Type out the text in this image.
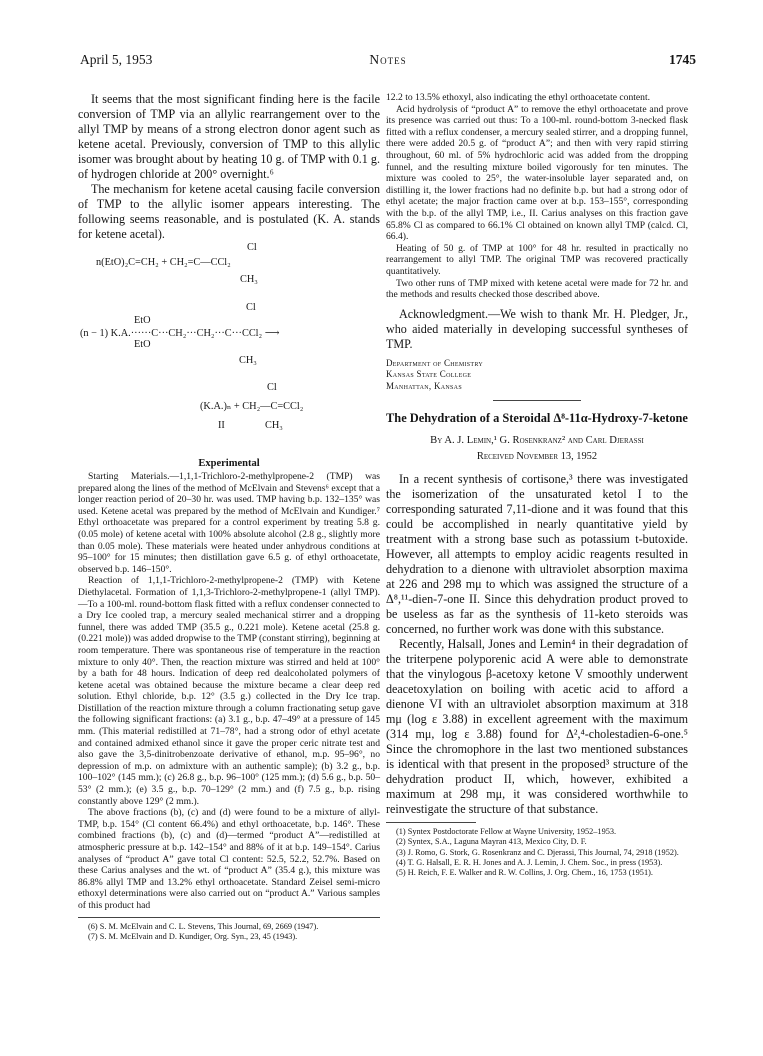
April 5, 1953	Notes	1745

It seems that the most significant finding here is the facile conversion of TMP via an allylic rearrangement over to the allyl TMP by means of a strong electron donor agent such as ketene acetal. Previously, conversion of TMP to this allylic isomer was brought about by heating 10 g. of TMP with 0.1 g. of hydrogen chloride at 200° overnight.⁶

The mechanism for ketene acetal causing facile conversion of TMP to the allylic isomer appears interesting. The following seems reasonable, and is postulated (K. A. stands for ketene acetal).

Cl
n(EtO)₂C=CH₂ + CH₂=C—CCl₂
CH₃
Cl
EtO
(n − 1) K.A.······C···CH₂···CH₂···C···CCl₂ ⟶
EtO
CH₃
Cl
(K.A.)ₙ + CH₂—C=CCl₂
II	CH₃
Experimental

Starting Materials.—1,1,1-Trichloro-2-methylpropene-2 (TMP) was prepared along the lines of the method of McElvain and Stevens⁶ except that a longer reaction period of 20–30 hr. was used. TMP having b.p. 132–135° was used. Ketene acetal was prepared by the method of McElvain and Kundiger.⁷ Ethyl orthoacetate was prepared for a control experiment by treating 5.8 g. (0.05 mole) of ketene acetal with 100% absolute alcohol (2.8 g., slightly more than 0.05 mole). These materials were heated under anhydrous conditions at 95–100° for 15 minutes; then distillation gave 6.5 g. of ethyl orthoacetate, observed b.p. 146–150°.

Reaction of 1,1,1-Trichloro-2-methylpropene-2 (TMP) with Ketene Diethylacetal. Formation of 1,1,3-Trichloro-2-methylpropene-1 (allyl TMP).—To a 100-ml. round-bottom flask fitted with a reflux condenser connected to a Dry Ice cooled trap, a mercury sealed mechanical stirrer and a dropping funnel, there was added TMP (35.5 g., 0.221 mole). Ketene acetal (25.8 g. (0.221 mole)) was added dropwise to the TMP (constant stirring), beginning at room temperature. There was spontaneous rise of temperature in the reaction mixture to only 40°. Then, the reaction mixture was stirred and held at 100° by a bath for 48 hours. Indication of deep red dealcoholated polymers of ketene acetal was obtained because the mixture became a clear deep red solution. Ethyl chloride, b.p. 12° (3.5 g.) collected in the Dry Ice trap. Distillation of the reaction mixture through a column fractionating setup gave the following significant fractions: (a) 3.1 g., b.p. 47–49° at a pressure of 145 mm. (This material redistilled at 71–78°, had a strong odor of ethyl acetate and contained admixed ethanol since it gave the proper ceric nitrate test and also gave the 3,5-dinitrobenzoate derivative of ethanol, m.p. 95–96°, no depression of m.p. on admixture with an authentic sample); (b) 3.2 g., b.p. 100–102° (145 mm.); (c) 26.8 g., b.p. 96–100° (125 mm.); (d) 5.6 g., b.p. 50–53° (2 mm.); (e) 3.5 g., b.p. 70–129° (2 mm.) and (f) 7.5 g., b.p. rising constantly above 129° (2 mm.).

The above fractions (b), (c) and (d) were found to be a mixture of allyl-TMP, b.p. 154° (Cl content 66.4%) and ethyl orthoacetate, b.p. 146°. These combined fractions (b), (c) and (d)—termed “product A”—redistilled at atmospheric pressure at b.p. 142–154° and 88% of it at b.p. 149–154°. Carius analyses of “product A” gave total Cl content: 52.5, 52.2, 52.7%. Based on these Carius analyses and the wt. of “product A” (35.4 g.), this mixture was 86.8% allyl TMP and 13.2% ethyl orthoacetate. Standard Zeisel semi-micro ethoxyl determinations were also carried out on “product A.” Various samples of this product had

(6) S. M. McElvain and C. L. Stevens, This Journal, 69, 2669 (1947).

(7) S. M. McElvain and D. Kundiger, Org. Syn., 23, 45 (1943).

12.2 to 13.5% ethoxyl, also indicating the ethyl orthoacetate content.

Acid hydrolysis of “product A” to remove the ethyl orthoacetate and prove its presence was carried out thus: To a 100-ml. round-bottom 3-necked flask fitted with a reflux condenser, a mercury sealed stirrer, and a dropping funnel, there were added 20.5 g. of “product A”; and then with very rapid stirring throughout, 60 ml. of 5% hydrochloric acid was added from the dropping funnel, and the resulting mixture boiled vigorously for ten minutes. The mixture was cooled to 25°, the water-insoluble layer separated and, on distilling it, the lower fractions had no definite b.p. but had a strong odor of ethyl acetate; the major fraction came over at b.p. 153–155°, corresponding with the b.p. of the allyl TMP, i.e., II. Carius analyses on this fraction gave 65.8% Cl as compared to 66.1% Cl obtained on known allyl TMP (calcd. Cl, 66.4).

Heating of 50 g. of TMP at 100° for 48 hr. resulted in practically no rearrangement to allyl TMP. The original TMP was recovered practically quantitatively.

Two other runs of TMP mixed with ketene acetal were made for 72 hr. and the methods and results checked those described above.

Acknowledgment.—We wish to thank Mr. H. Pledger, Jr., who aided materially in developing successful syntheses of TMP.

Department of Chemistry
Kansas State College
Manhattan, Kansas
The Dehydration of a Steroidal Δ⁸-11α-Hydroxy-7-ketone
By A. J. Lemin,¹ G. Rosenkranz² and Carl Djerassi
Received November 13, 1952

In a recent synthesis of cortisone,³ there was investigated the isomerization of the unsaturated ketol I to the corresponding saturated 7,11-dione and it was found that this could be accomplished in nearly quantitative yield by treatment with a strong base such as potassium t-butoxide. However, all attempts to employ acidic reagents resulted in dehydration to a dienone with ultraviolet absorption maxima at 226 and 298 mμ to which was assigned the structure of a Δ⁸,¹¹-dien-7-one II. Since this dehydration product proved to be useless as far as the synthesis of 11-keto steroids was concerned, no further work was done with this substance.

Recently, Halsall, Jones and Lemin⁴ in their degradation of the triterpene polyporenic acid A were able to demonstrate that the vinylogous β-acetoxy ketone V smoothly underwent deacetoxylation on boiling with acetic acid to afford a dienone VI with an ultraviolet absorption maximum at 318 mμ (log ε 3.88) in excellent agreement with the maximum (314 mμ, log ε 3.88) found for Δ²,⁴-cholestadien-6-one.⁵ Since the chromophore in the last two mentioned substances is identical with that present in the proposed³ structure of the dehydration product II, which, however, exhibited a maximum at 298 mμ, it was considered worthwhile to reinvestigate the structure of that substance.

(1) Syntex Postdoctorate Fellow at Wayne University, 1952–1953.

(2) Syntex, S.A., Laguna Mayran 413, Mexico City, D. F.

(3) J. Romo, G. Stork, G. Rosenkranz and C. Djerassi, This Journal, 74, 2918 (1952).

(4) T. G. Halsall, E. R. H. Jones and A. J. Lemin, J. Chem. Soc., in press (1953).

(5) H. Reich, F. E. Walker and R. W. Collins, J. Org. Chem., 16, 1753 (1951).
